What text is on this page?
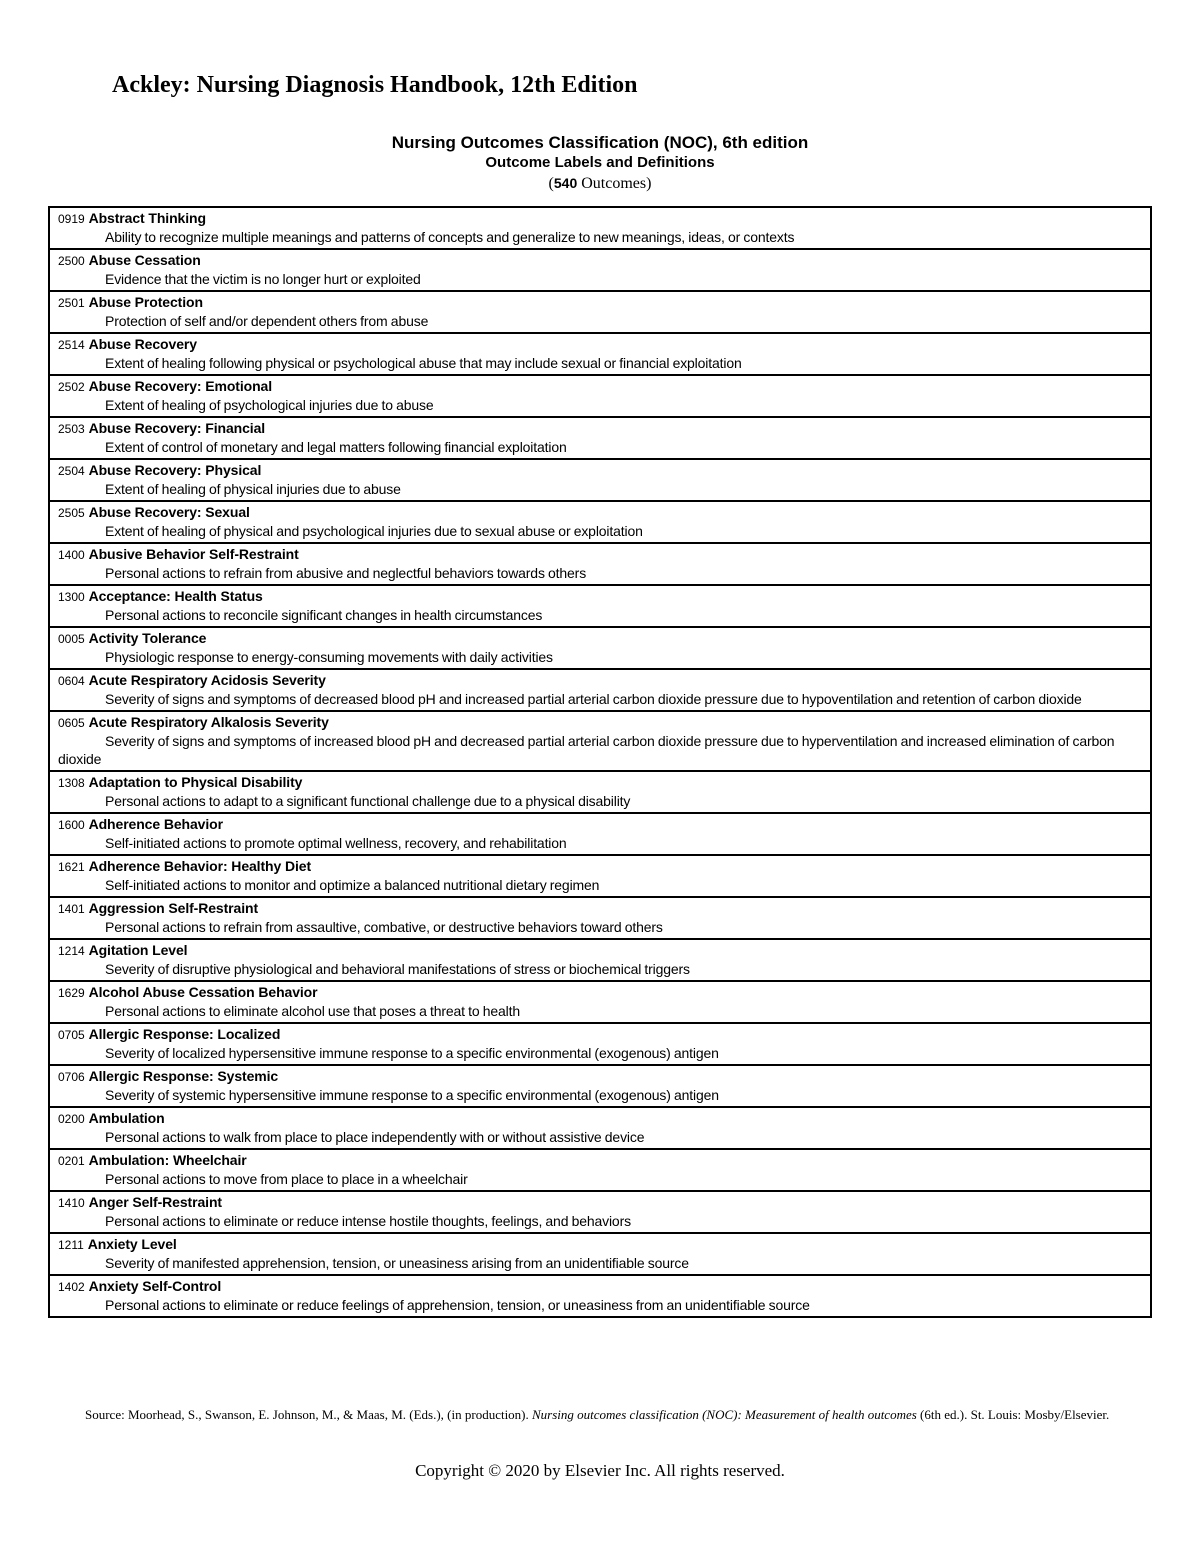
Ackley: Nursing Diagnosis Handbook, 12th Edition
Nursing Outcomes Classification (NOC), 6th edition
Outcome Labels and Definitions
(540 Outcomes)
0919 Abstract Thinking

Ability to recognize multiple meanings and patterns of concepts and generalize to new meanings, ideas, or contexts

2500 Abuse Cessation

Evidence that the victim is no longer hurt or exploited

2501 Abuse Protection

Protection of self and/or dependent others from abuse

2514 Abuse Recovery

Extent of healing following physical or psychological abuse that may include sexual or financial exploitation

2502 Abuse Recovery: Emotional

Extent of healing of psychological injuries due to abuse

2503 Abuse Recovery: Financial

Extent of control of monetary and legal matters following financial exploitation

2504 Abuse Recovery: Physical

Extent of healing of physical injuries due to abuse

2505 Abuse Recovery: Sexual

Extent of healing of physical and psychological injuries due to sexual abuse or exploitation

1400 Abusive Behavior Self-Restraint

Personal actions to refrain from abusive and neglectful behaviors towards others

1300 Acceptance: Health Status

Personal actions to reconcile significant changes in health circumstances

0005 Activity Tolerance

Physiologic response to energy-consuming movements with daily activities

0604 Acute Respiratory Acidosis Severity

Severity of signs and symptoms of decreased blood pH and increased partial arterial carbon dioxide pressure due to hypoventilation and retention of carbon dioxide

0605 Acute Respiratory Alkalosis Severity

Severity of signs and symptoms of increased blood pH and decreased partial arterial carbon dioxide pressure due to hyperventilation and increased elimination of carbon dioxide

1308 Adaptation to Physical Disability

Personal actions to adapt to a significant functional challenge due to a physical disability

1600 Adherence Behavior

Self-initiated actions to promote optimal wellness, recovery, and rehabilitation

1621 Adherence Behavior: Healthy Diet

Self-initiated actions to monitor and optimize a balanced nutritional dietary regimen

1401 Aggression Self-Restraint

Personal actions to refrain from assaultive, combative, or destructive behaviors toward others

1214 Agitation Level

Severity of disruptive physiological and behavioral manifestations of stress or biochemical triggers

1629 Alcohol Abuse Cessation Behavior

Personal actions to eliminate alcohol use that poses a threat to health

0705 Allergic Response: Localized

Severity of localized hypersensitive immune response to a specific environmental (exogenous) antigen

0706 Allergic Response: Systemic

Severity of systemic hypersensitive immune response to a specific environmental (exogenous) antigen

0200 Ambulation

Personal actions to walk from place to place independently with or without assistive device

0201 Ambulation: Wheelchair

Personal actions to move from place to place in a wheelchair

1410 Anger Self-Restraint

Personal actions to eliminate or reduce intense hostile thoughts, feelings, and behaviors

1211 Anxiety Level

Severity of manifested apprehension, tension, or uneasiness arising from an unidentifiable source

1402 Anxiety Self-Control

Personal actions to eliminate or reduce feelings of apprehension, tension, or uneasiness from an unidentifiable source

Source: Moorhead, S., Swanson, E. Johnson, M., & Maas, M. (Eds.), (in production). Nursing outcomes classification (NOC): Measurement of health outcomes (6th ed.). St. Louis: Mosby/Elsevier.

Copyright © 2020 by Elsevier Inc. All rights reserved.
